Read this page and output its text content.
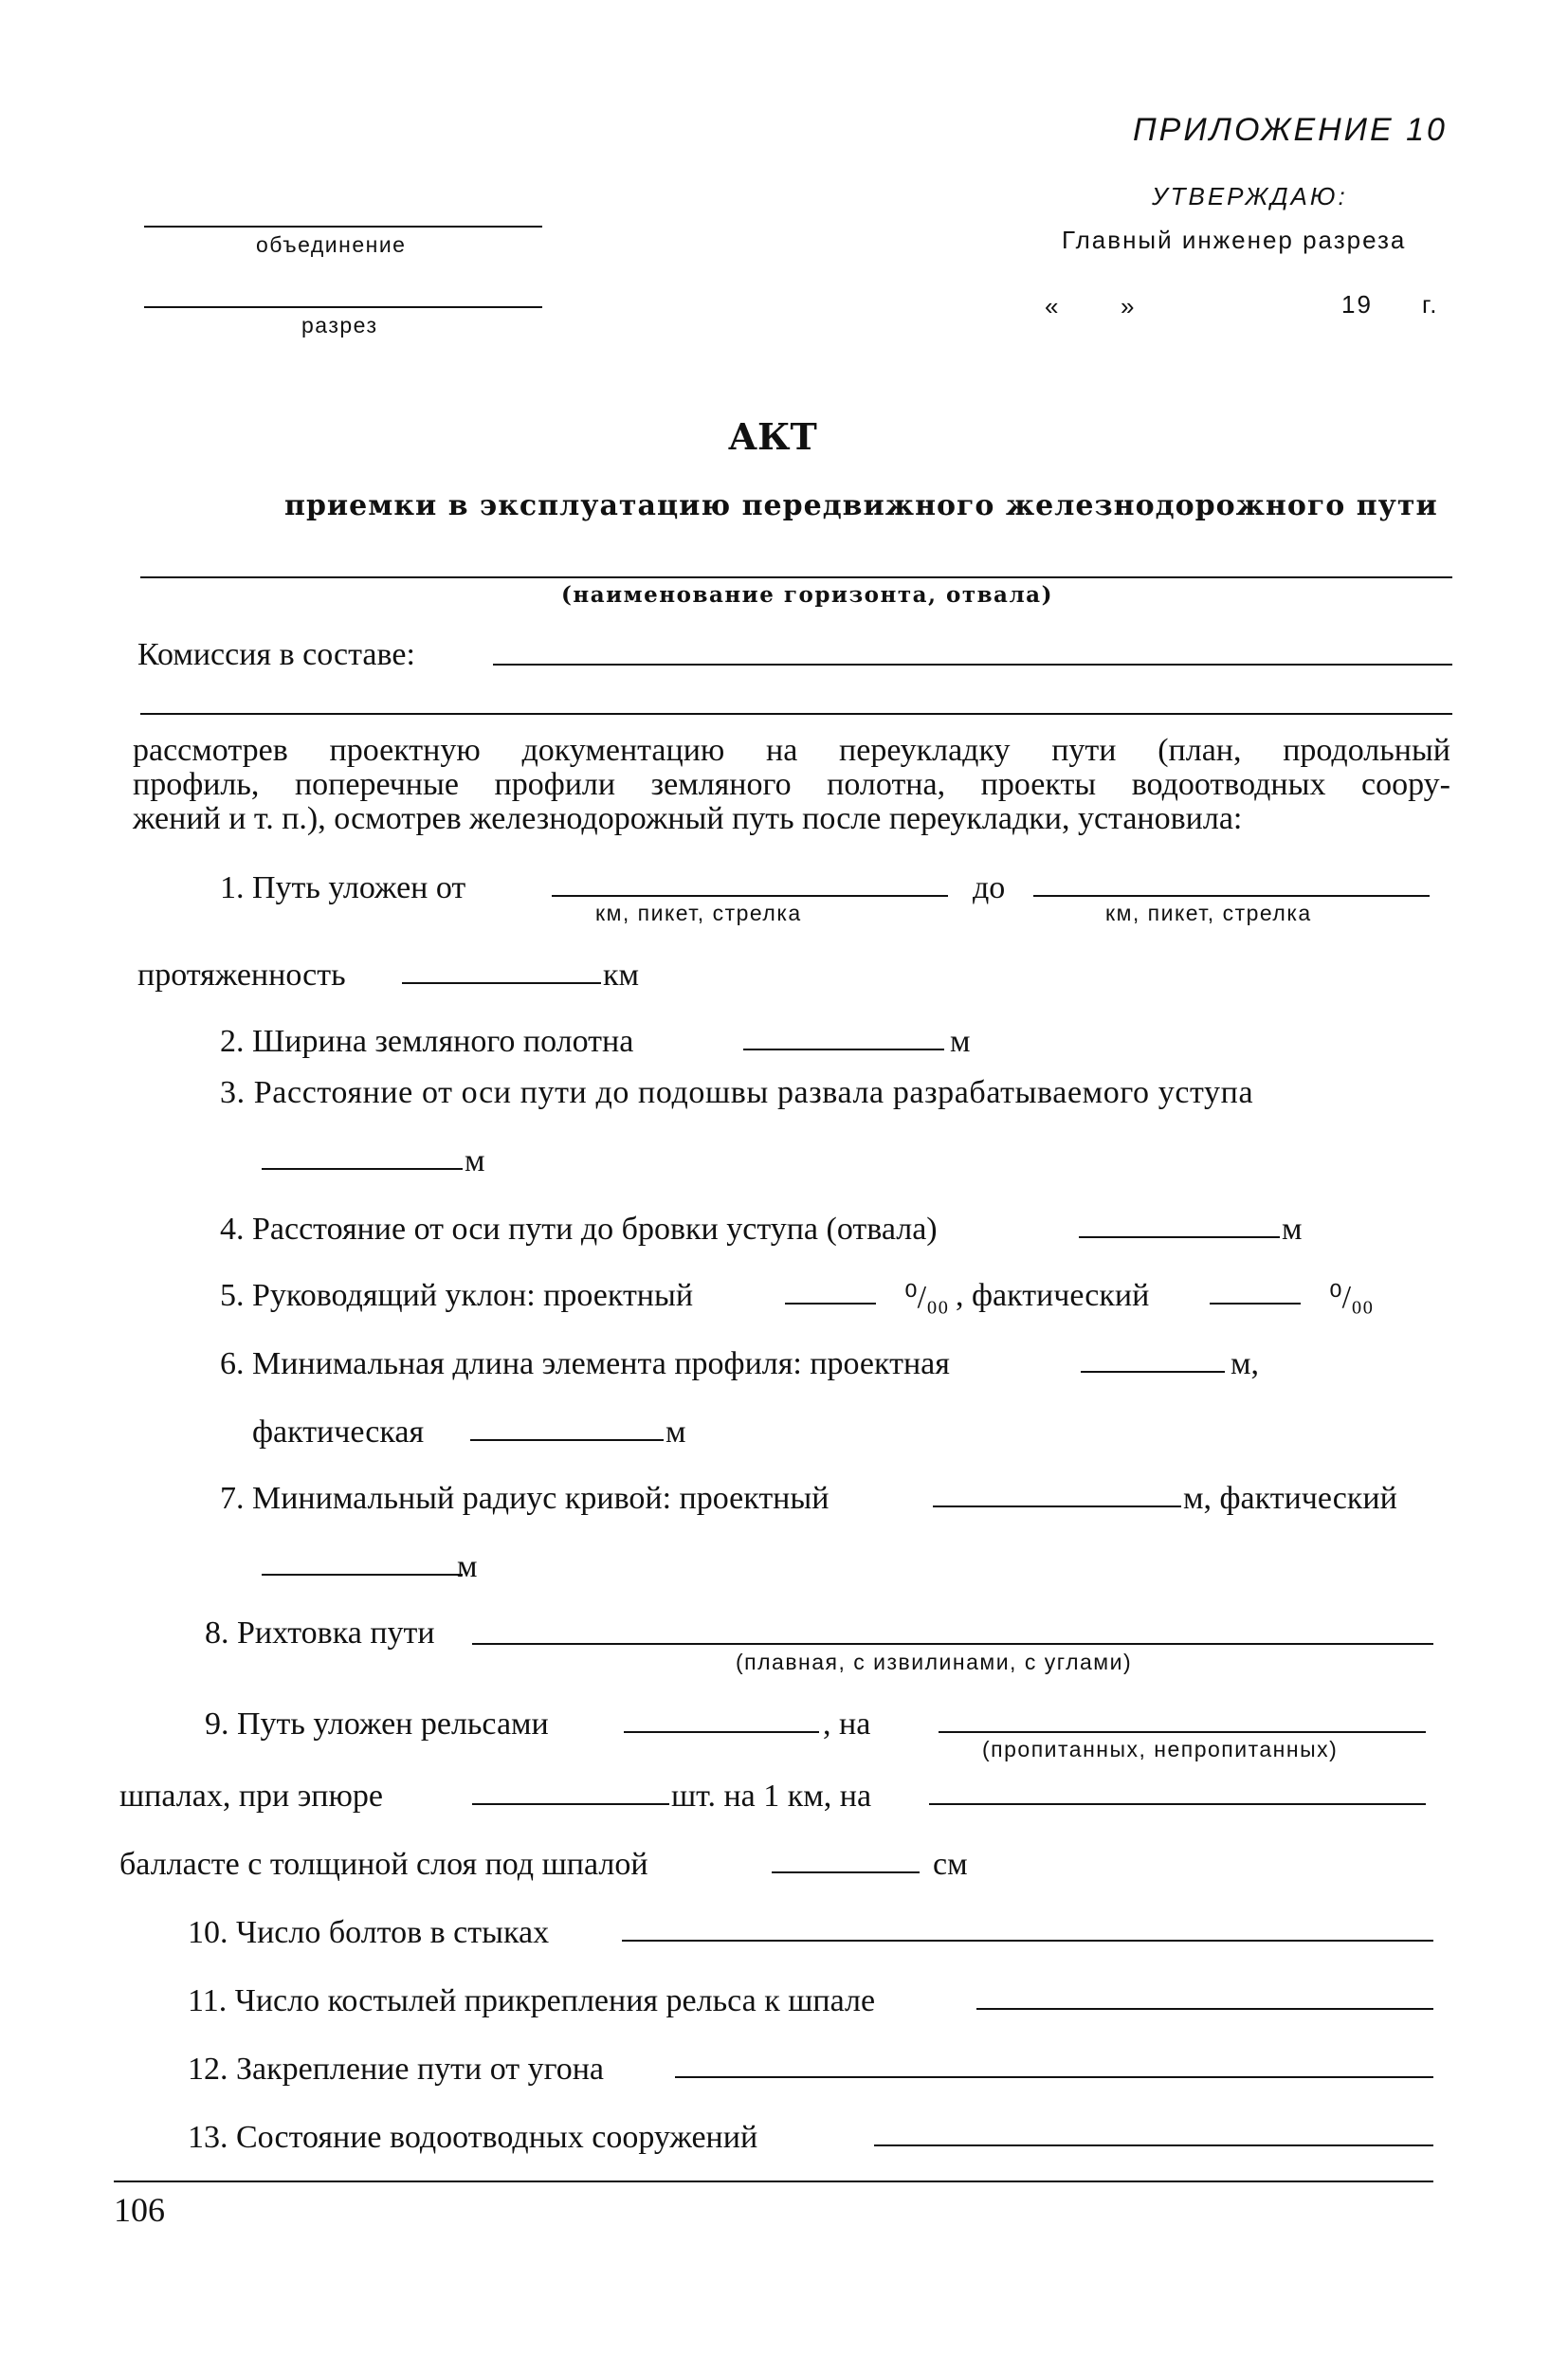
ПРИЛОЖЕНИЕ 10
УТВЕРЖДАЮ:
Главный инженер разреза
объединение
« »	19 г.
разрез
АКТ
приемки в эксплуатацию передвижного железнодорожного пути
(наименование горизонта, отвала)
Комиссия в составе:
рассмотрев проектную документацию на переукладку пути (план, продольный
профиль, поперечные профили земляного полотна, проекты водоотводных соору-
жений и т. п.), осмотрев железнодорожный путь после переукладки, установила:
1. Путь уложен от
км, пикет, стрелка
до
км, пикет, стрелка
протяженность	км
2. Ширина земляного полотна	м
3. Расстояние от оси пути до подошвы развала разрабатываемого уступа
м
4. Расстояние от оси пути до бровки уступа (отвала)	м
5. Руководящий уклон: проектный	⁰/₀₀ , фактический	⁰/₀₀
6. Минимальная длина элемента профиля: проектная	м,
фактическая	м
7. Минимальный радиус кривой: проектный	м, фактический
м
8. Рихтовка пути
(плавная, с извилинами, с углами)
9. Путь уложен рельсами	, на
(пропитанных, непропитанных)
шпалах, при эпюре	шт. на 1 км, на
балласте с толщиной слоя под шпалой	см
10. Число болтов в стыках
11. Число костылей прикрепления рельса к шпале
12. Закрепление пути от угона
13. Состояние водоотводных сооружений
106
